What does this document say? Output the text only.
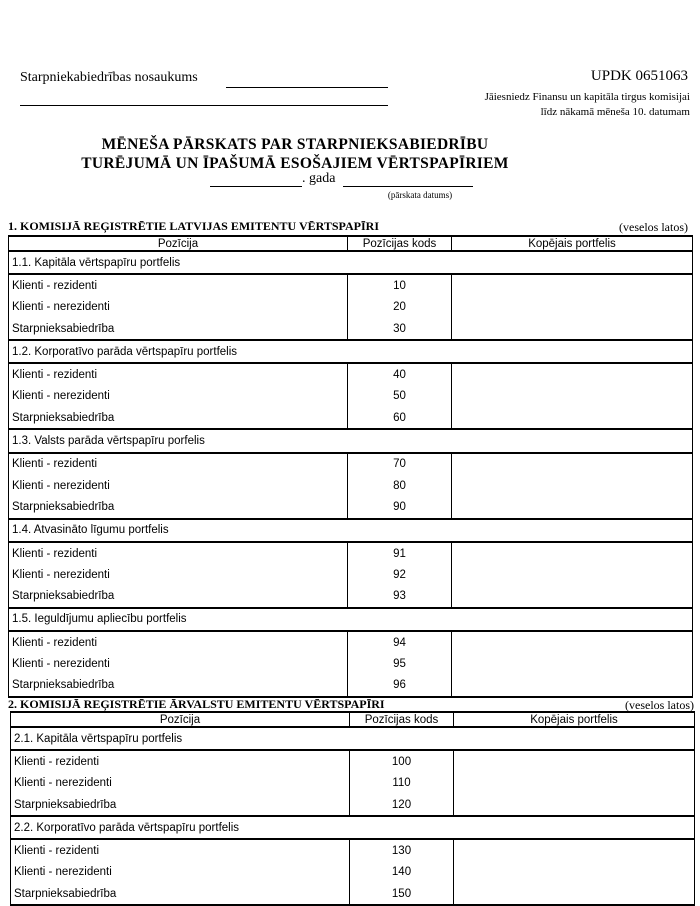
Starpniekabiedrības nosaukums	UPDK 0651063
Jāiesniedz Finansu un kapitāla tirgus komisijai
līdz nākamā mēneša 10. datumam
MĒNEŠA PĀRSKATS PAR STARPNIEKSABIEDRĪBU
TURĒJUMĀ UN ĪPAŠUMĀ ESOŠAJIEM VĒRTSPAPĪRIEM
. gada
(pārskata datums)
1. KOMISIJĀ REĢISTRĒTIE LATVIJAS EMITENTU VĒRTSPAPĪRI	(veselos latos)
Pozīcija	Pozīcijas kods	Kopējais portfelis
1.1. Kapitāla vērtspapīru portfelis		
Klienti - rezidenti	10	
Klienti - nerezidenti	20	
Starpnieksabiedrība	30	
1.2. Korporatīvo parāda vērtspapīru portfelis		
Klienti - rezidenti	40	
Klienti - nerezidenti	50	
Starpnieksabiedrība	60	
1.3. Valsts parāda vērtspapīru porfelis		
Klienti - rezidenti	70	
Klienti - nerezidenti	80	
Starpnieksabiedrība	90	
1.4. Atvasināto līgumu portfelis		
Klienti - rezidenti	91	
Klienti - nerezidenti	92	
Starpnieksabiedrība	93	
1.5. Ieguldījumu apliecību portfelis		
Klienti - rezidenti	94	
Klienti - nerezidenti	95	
Starpnieksabiedrība	96	
2. KOMISIJĀ REĢISTRĒTIE ĀRVALSTU EMITENTU VĒRTSPAPĪRI	(veselos latos)
Pozīcija	Pozīcijas kods	Kopējais portfelis
2.1. Kapitāla vērtspapīru portfelis		
Klienti - rezidenti	100	
Klienti - nerezidenti	110	
Starpnieksabiedrība	120	
2.2. Korporatīvo parāda vērtspapīru portfelis		
Klienti - rezidenti	130	
Klienti - nerezidenti	140	
Starpnieksabiedrība	150	
